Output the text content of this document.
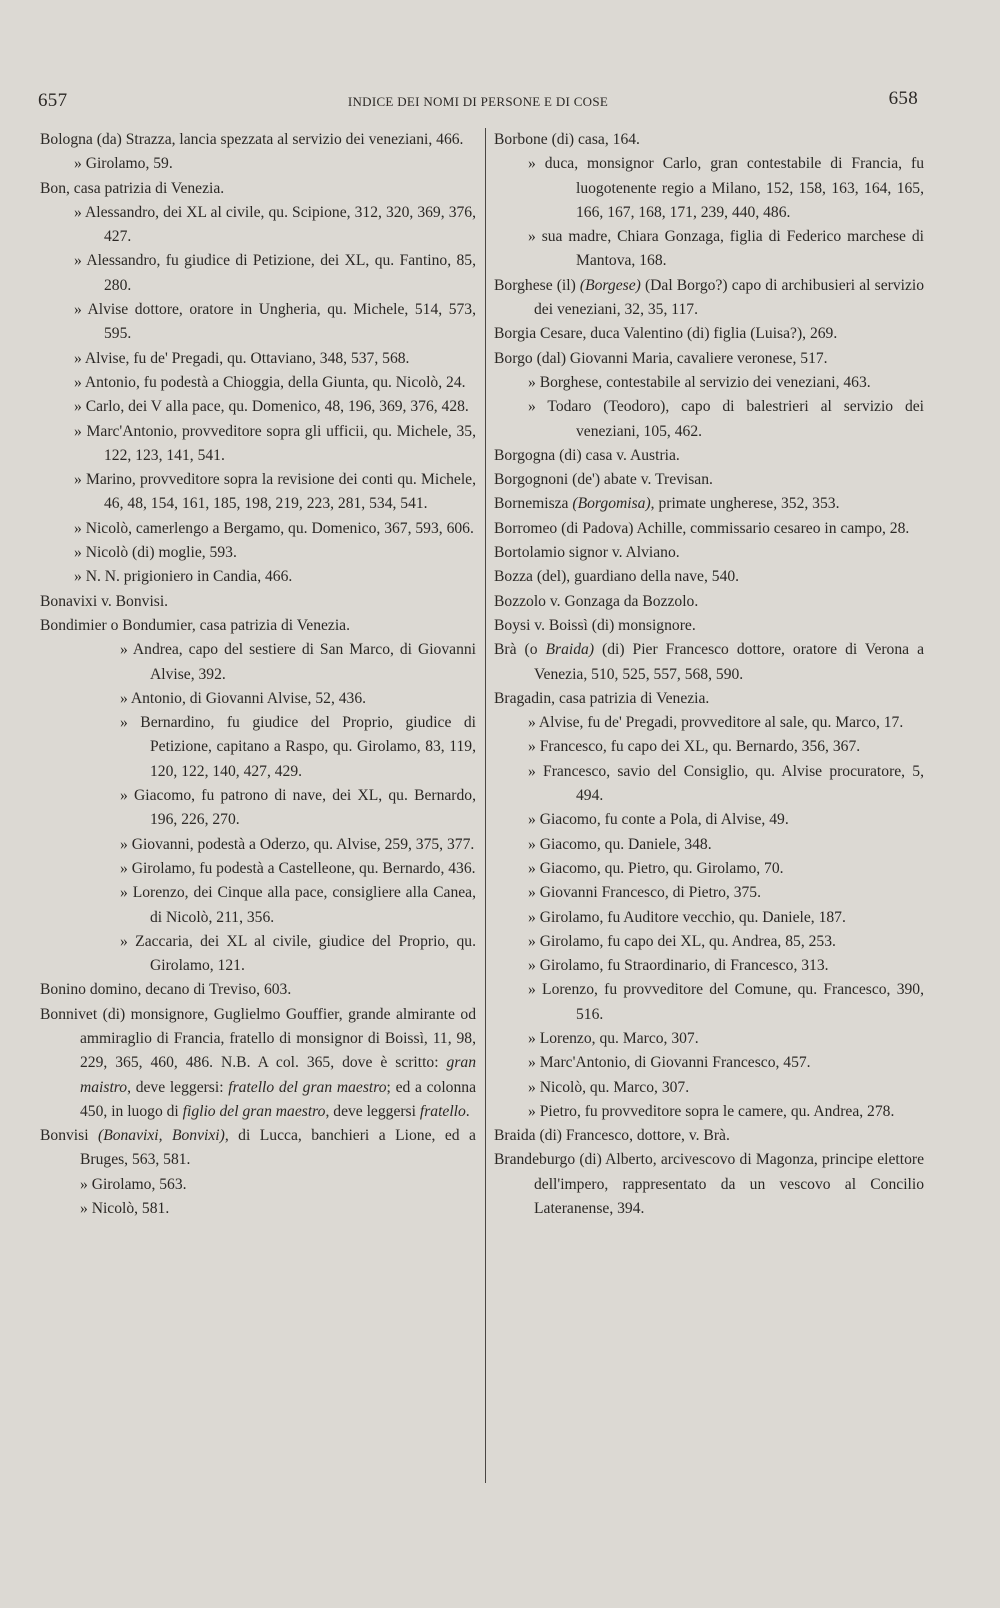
657	INDICE DEI NOMI DI PERSONE E DI COSE	658
Bologna (da) Strazza, lancia spezzata al servizio dei veneziani, 466.
» Girolamo, 59.
Bon, casa patrizia di Venezia.
» Alessandro, dei XL al civile, qu. Scipione, 312, 320, 369, 376, 427.
» Alessandro, fu giudice di Petizione, dei XL, qu. Fantino, 85, 280.
» Alvise dottore, oratore in Ungheria, qu. Michele, 514, 573, 595.
» Alvise, fu de' Pregadi, qu. Ottaviano, 348, 537, 568.
» Antonio, fu podestà a Chioggia, della Giunta, qu. Nicolò, 24.
» Carlo, dei V alla pace, qu. Domenico, 48, 196, 369, 376, 428.
» Marc'Antonio, provveditore sopra gli ufficii, qu. Michele, 35, 122, 123, 141, 541.
» Marino, provveditore sopra la revisione dei conti qu. Michele, 46, 48, 154, 161, 185, 198, 219, 223, 281, 534, 541.
» Nicolò, camerlengo a Bergamo, qu. Domenico, 367, 593, 606.
» Nicolò (di) moglie, 593.
» N. N. prigioniero in Candia, 466.
Bonavixi v. Bonvisi.
Bondimier o Bondumier, casa patrizia di Venezia.
» Andrea, capo del sestiere di San Marco, di Giovanni Alvise, 392.
» Antonio, di Giovanni Alvise, 52, 436.
» Bernardino, fu giudice del Proprio, giudice di Petizione, capitano a Raspo, qu. Girolamo, 83, 119, 120, 122, 140, 427, 429.
» Giacomo, fu patrono di nave, dei XL, qu. Bernardo, 196, 226, 270.
» Giovanni, podestà a Oderzo, qu. Alvise, 259, 375, 377.
» Girolamo, fu podestà a Castelleone, qu. Bernardo, 436.
» Lorenzo, dei Cinque alla pace, consigliere alla Canea, di Nicolò, 211, 356.
» Zaccaria, dei XL al civile, giudice del Proprio, qu. Girolamo, 121.
Bonino domino, decano di Treviso, 603.
Bonnivet (di) monsignore, Guglielmo Gouffier, grande almirante od ammiraglio di Francia, fratello di monsignor di Boissì, 11, 98, 229, 365, 460, 486. N.B. A col. 365, dove è scritto: gran maistro, deve leggersi: fratello del gran maestro; ed a colonna 450, in luogo di figlio del gran maestro, deve leggersi fratello.
Bonvisi (Bonavixi, Bonvixi), di Lucca, banchieri a Lione, ed a Bruges, 563, 581.
» Girolamo, 563.
» Nicolò, 581.
Borbone (di) casa, 164.
» duca, monsignor Carlo, gran contestabile di Francia, fu luogotenente regio a Milano, 152, 158, 163, 164, 165, 166, 167, 168, 171, 239, 440, 486.
» sua madre, Chiara Gonzaga, figlia di Federico marchese di Mantova, 168.
Borghese (il) (Borgese) (Dal Borgo?) capo di archibusieri al servizio dei veneziani, 32, 35, 117.
Borgia Cesare, duca Valentino (di) figlia (Luisa?), 269.
Borgo (dal) Giovanni Maria, cavaliere veronese, 517.
» Borghese, contestabile al servizio dei veneziani, 463.
» Todaro (Teodoro), capo di balestrieri al servizio dei veneziani, 105, 462.
Borgogna (di) casa v. Austria.
Borgognoni (de') abate v. Trevisan.
Bornemisza (Borgomisa), primate ungherese, 352, 353.
Borromeo (di Padova) Achille, commissario cesareo in campo, 28.
Bortolamio signor v. Alviano.
Bozza (del), guardiano della nave, 540.
Bozzolo v. Gonzaga da Bozzolo.
Boysi v. Boissì (di) monsignore.
Brà (o Braida) (di) Pier Francesco dottore, oratore di Verona a Venezia, 510, 525, 557, 568, 590.
Bragadin, casa patrizia di Venezia.
» Alvise, fu de' Pregadi, provveditore al sale, qu. Marco, 17.
» Francesco, fu capo dei XL, qu. Bernardo, 356, 367.
» Francesco, savio del Consiglio, qu. Alvise procuratore, 5, 494.
» Giacomo, fu conte a Pola, di Alvise, 49.
» Giacomo, qu. Daniele, 348.
» Giacomo, qu. Pietro, qu. Girolamo, 70.
» Giovanni Francesco, di Pietro, 375.
» Girolamo, fu Auditore vecchio, qu. Daniele, 187.
» Girolamo, fu capo dei XL, qu. Andrea, 85, 253.
» Girolamo, fu Straordinario, di Francesco, 313.
» Lorenzo, fu provveditore del Comune, qu. Francesco, 390, 516.
» Lorenzo, qu. Marco, 307.
» Marc'Antonio, di Giovanni Francesco, 457.
» Nicolò, qu. Marco, 307.
» Pietro, fu provveditore sopra le camere, qu. Andrea, 278.
Braida (di) Francesco, dottore, v. Brà.
Brandeburgo (di) Alberto, arcivescovo di Magonza, principe elettore dell'impero, rappresentato da un vescovo al Concilio Lateranense, 394.
